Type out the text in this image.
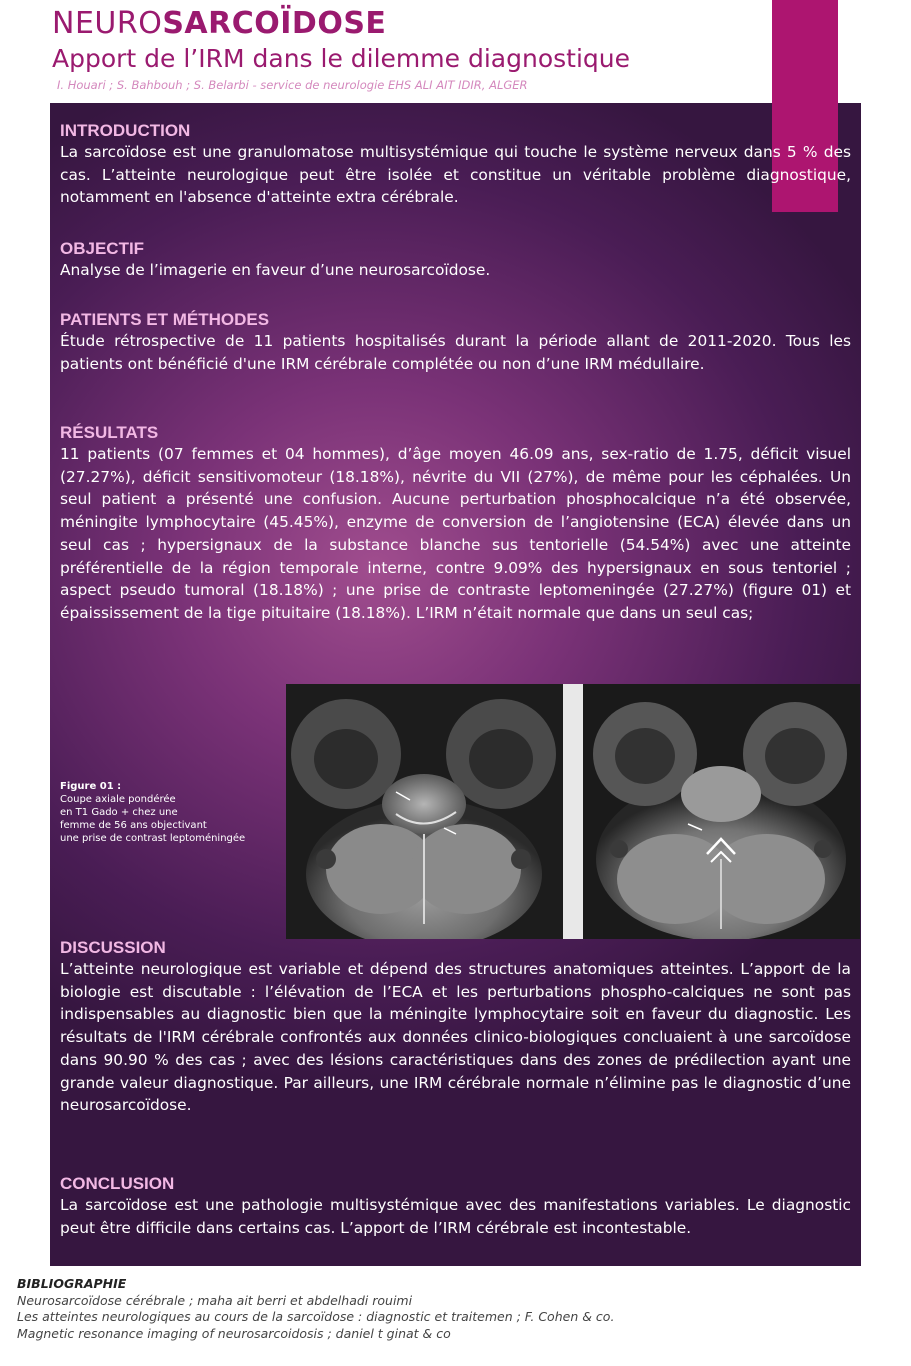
NEUROSARCOÏDOSE
Apport de l’IRM dans le dilemme diagnostique
I. Houari ; S. Bahbouh ; S. Belarbi - service de neurologie EHS ALI AIT IDIR, ALGER
INTRODUCTION
La sarcoïdose est une granulomatose multisystémique qui touche le système nerveux dans 5 % des cas. L’atteinte neurologique peut être isolée et constitue un véritable problème diagnostique, notamment en l'absence d'atteinte extra cérébrale.
OBJECTIF
Analyse de l’imagerie en faveur d’une neurosarcoïdose.
PATIENTS ET MÉTHODES
Étude rétrospective de 11 patients hospitalisés durant la période allant de 2011-2020. Tous les patients ont bénéficié d'une IRM cérébrale complétée ou non d’une IRM médullaire.
RÉSULTATS
11 patients (07 femmes et 04 hommes), d’âge moyen 46.09 ans, sex-ratio de 1.75, déficit visuel (27.27%), déficit sensitivomoteur (18.18%), névrite du VII (27%), de même pour les céphalées. Un seul patient a présenté une confusion. Aucune perturbation phosphocalcique n’a été observée, méningite lymphocytaire (45.45%), enzyme de conversion de l’angiotensine (ECA) élevée dans un seul cas ; hypersignaux de la substance blanche sus tentorielle (54.54%) avec une atteinte préférentielle de la région temporale interne, contre 9.09% des hypersignaux en sous tentoriel ; aspect pseudo tumoral (18.18%) ; une prise de contraste leptomeningée (27.27%) (figure 01) et épaississement de la tige pituitaire (18.18%). L’IRM n’était normale que dans un seul cas;
Figure 01 :
Coupe axiale pondérée
en T1 Gado + chez une
femme de 56 ans objectivant
une prise de contrast leptoméningée
DISCUSSION
L’atteinte neurologique est variable et dépend des structures anatomiques atteintes. L’apport de la biologie est discutable : l’élévation de l’ECA et les perturbations phospho-calciques ne sont pas indispensables au diagnostic bien que la méningite lymphocytaire soit en faveur du diagnostic. Les résultats de l'IRM cérébrale confrontés aux données clinico-biologiques concluaient à une sarcoïdose dans 90.90 % des cas ; avec des lésions caractéristiques dans des zones de prédilection ayant une grande valeur diagnostique. Par ailleurs, une IRM cérébrale normale n’élimine pas le diagnostic d’une neurosarcoïdose.
CONCLUSION
La sarcoïdose est une pathologie multisystémique avec des manifestations variables. Le diagnostic peut être difficile dans certains cas. L’apport de l’IRM cérébrale est incontestable.
BIBLIOGRAPHIE
Neurosarcoïdose cérébrale ; maha ait berri et abdelhadi rouimi
Les atteintes neurologiques au cours de la sarcoïdose : diagnostic et traitemen ; F. Cohen & co.
Magnetic resonance imaging of neurosarcoidosis ; daniel t ginat & co
